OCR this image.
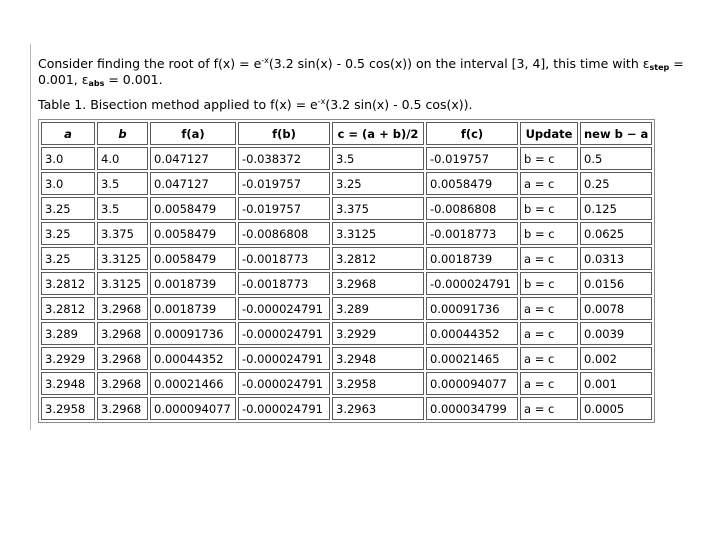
Consider finding the root of $f(x) = e^{-x}(3.2$ sin(x) - 0.5 cos(x)) on the interval [3, 4], this time with $\varepsilon_{step} = 0.001$, $\varepsilon_{abs} = 0.001$.

Table 1. Bisection method applied to $f(x) = e^{-x}(3.2$ sin(x) - 0.5 cos(x)).

a	b	f(a)	f(b)	c = (a + b)/2	f(c)	Update	new b − a
3.0	4.0	0.047127	-0.038372	3.5	-0.019757	b = c	0.5
3.0	3.5	0.047127	-0.019757	3.25	0.0058479	a = c	0.25
3.25	3.5	0.0058479	-0.019757	3.375	-0.0086808	b = c	0.125
3.25	3.375	0.0058479	-0.0086808	3.3125	-0.0018773	b = c	0.0625
3.25	3.3125	0.0058479	-0.0018773	3.2812	0.0018739	a = c	0.0313
3.2812	3.3125	0.0018739	-0.0018773	3.2968	-0.000024791	b = c	0.0156
3.2812	3.2968	0.0018739	-0.000024791	3.289	0.00091736	a = c	0.0078
3.289	3.2968	0.00091736	-0.000024791	3.2929	0.00044352	a = c	0.0039
3.2929	3.2968	0.00044352	-0.000024791	3.2948	0.00021465	a = c	0.002
3.2948	3.2968	0.00021466	-0.000024791	3.2958	0.000094077	a = c	0.001
3.2958	3.2968	0.000094077	-0.000024791	3.2963	0.000034799	a = c	0.0005
